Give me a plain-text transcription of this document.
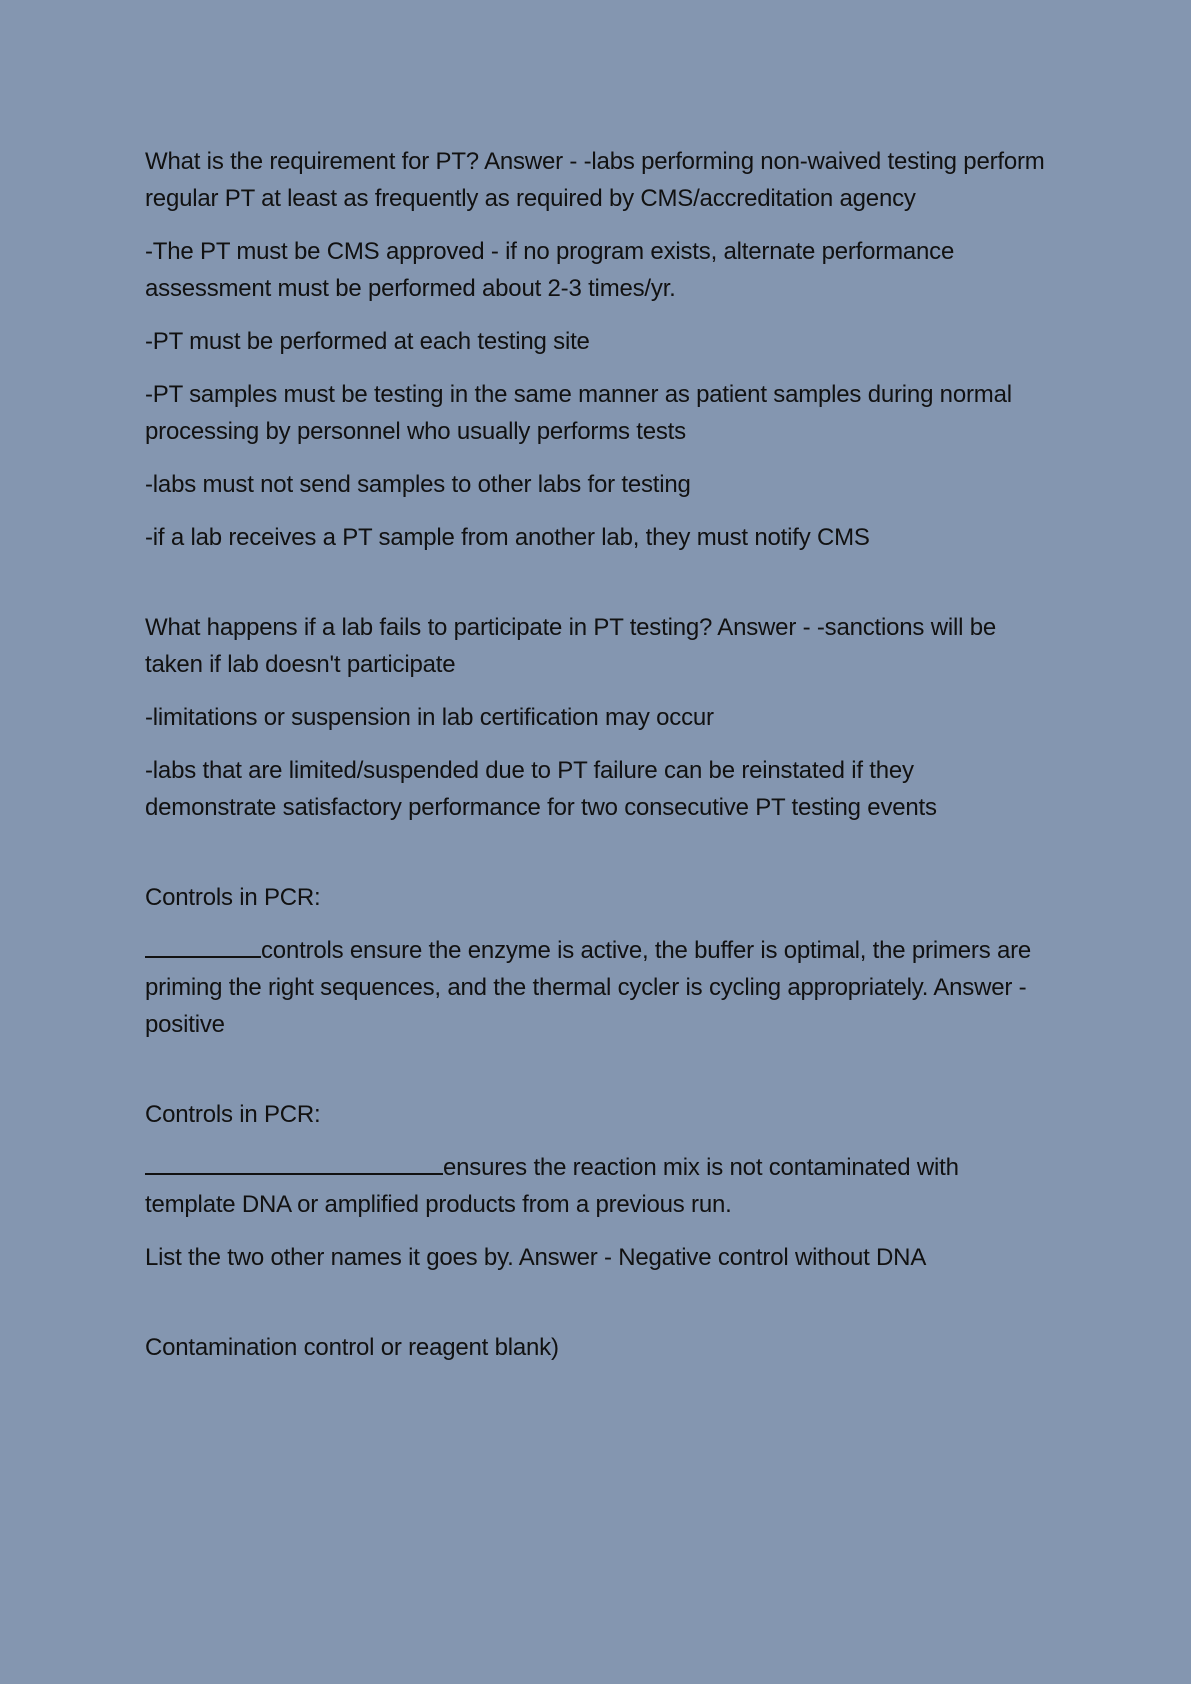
What is the requirement for PT? Answer - -labs performing non-waived testing perform regular PT at least as frequently as required by CMS/accreditation agency

-The PT must be CMS approved - if no program exists, alternate performance assessment must be performed about 2-3 times/yr.

-PT must be performed at each testing site

-PT samples must be testing in the same manner as patient samples during normal processing by personnel who usually performs tests

-labs must not send samples to other labs for testing

-if a lab receives a PT sample from another lab, they must notify CMS

What happens if a lab fails to participate in PT testing? Answer - -sanctions will be taken if lab doesn't participate

-limitations or suspension in lab certification may occur

-labs that are limited/suspended due to PT failure can be reinstated if they demonstrate satisfactory performance for two consecutive PT testing events

Controls in PCR:

controls ensure the enzyme is active, the buffer is optimal, the primers are priming the right sequences, and the thermal cycler is cycling appropriately. Answer - positive

Controls in PCR:

ensures the reaction mix is not contaminated with template DNA or amplified products from a previous run.

List the two other names it goes by. Answer - Negative control without DNA

Contamination control or reagent blank)
